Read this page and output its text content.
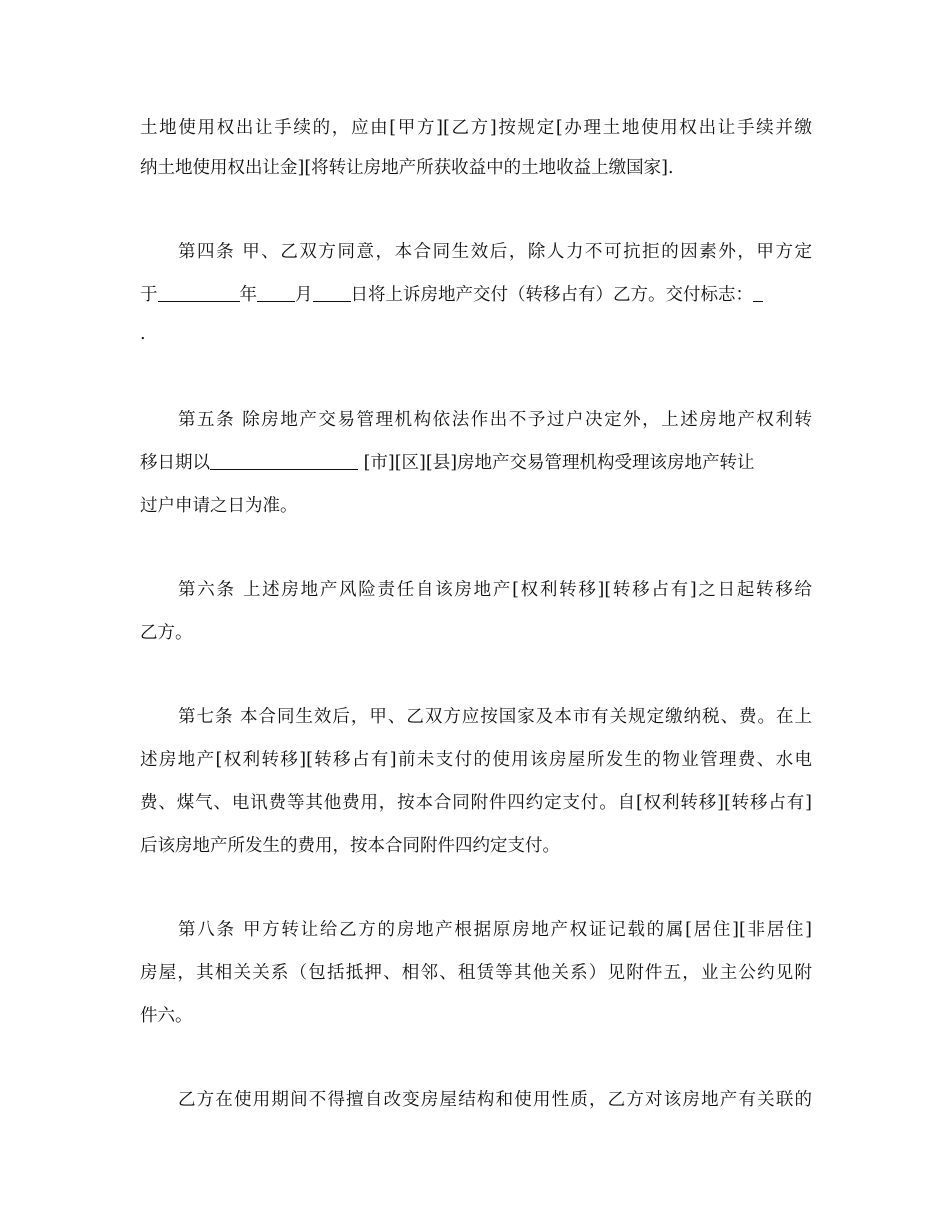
土地使用权出让手续的，应由[甲方][乙方]按规定[办理土地使用权出让手续并缴
纳土地使用权出让金][将转让房地产所获收益中的土地收益上缴国家].
第四条 甲、乙双方同意，本合同生效后，除人力不可抗拒的因素外，甲方定
于	年 月 日将上诉房地产交付（转移占有）乙方。交付标志：
.
第五条 除房地产交易管理机构依法作出不予过户决定外，上述房地产权利转
移日期以	[市][区][县]房地产交易管理机构受理该房地产转让
过户申请之日为准。
第六条 上述房地产风险责任自该房地产[权利转移][转移占有]之日起转移给
乙方。
第七条 本合同生效后，甲、乙双方应按国家及本市有关规定缴纳税、费。在上
述房地产[权利转移][转移占有]前未支付的使用该房屋所发生的物业管理费、水电
费、煤气、电讯费等其他费用，按本合同附件四约定支付。自[权利转移][转移占有]
后该房地产所发生的费用，按本合同附件四约定支付。
第八条 甲方转让给乙方的房地产根据原房地产权证记载的属[居住][非居住]
房屋，其相关关系（包括抵押、相邻、租赁等其他关系）见附件五，业主公约见附
件六。
乙方在使用期间不得擅自改变房屋结构和使用性质，乙方对该房地产有关联的
